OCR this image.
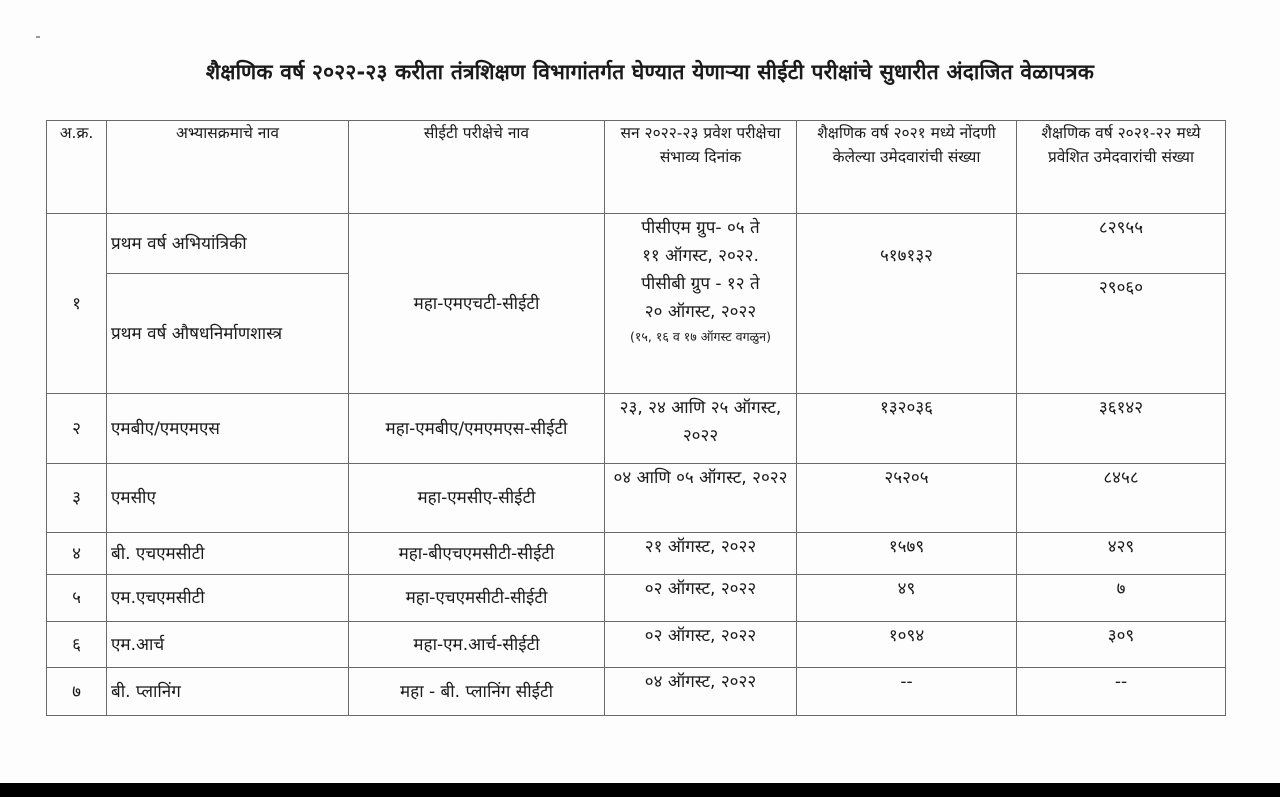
शैक्षणिक वर्ष २०२२-२३ करीता तंत्रशिक्षण विभागांतर्गत घेण्यात येणाऱ्या सीईटी परीक्षांचे सुधारीत अंदाजित वेळापत्रक
अ.क्र.	अभ्यासक्रमाचे नाव	सीईटी परीक्षेचे नाव	सन २०२२-२३ प्रवेश परीक्षेचा संभाव्य दिनांक	शैक्षणिक वर्ष २०२१ मध्ये नोंदणी केलेल्या उमेदवारांची संख्या	शैक्षणिक वर्ष २०२१-२२ मध्ये प्रवेशित उमेदवारांची संख्या
१	प्रथम वर्ष अभियांत्रिकी	महा-एमएचटी-सीईटी	पीसीएम ग्रुप- ०५ ते
११ ऑगस्ट, २०२२.
पीसीबी ग्रुप - १२ ते
२० ऑगस्ट, २०२२
(१५, १६ व १७ ऑगस्ट वगळुन)	५१७१३२	८२९५५
	प्रथम वर्ष औषधनिर्माणशास्त्र				२९०६०
२	एमबीए/एमएमएस	महा-एमबीए/एमएमएस-सीईटी	२३, २४ आणि २५ ऑगस्ट, २०२२	१३२०३६	३६१४२
३	एमसीए	महा-एमसीए-सीईटी	०४ आणि ०५ ऑगस्ट, २०२२	२५२०५	८४५८
४	बी. एचएमसीटी	महा-बीएचएमसीटी-सीईटी	२१ ऑगस्ट, २०२२	१५७९	४२९
५	एम.एचएमसीटी	महा-एचएमसीटी-सीईटी	०२ ऑगस्ट, २०२२	४९	७
६	एम.आर्च	महा-एम.आर्च-सीईटी	०२ ऑगस्ट, २०२२	१०९४	३०९
७	बी. प्लानिंग	महा - बी. प्लानिंग सीईटी	०४ ऑगस्ट, २०२२	--	--
